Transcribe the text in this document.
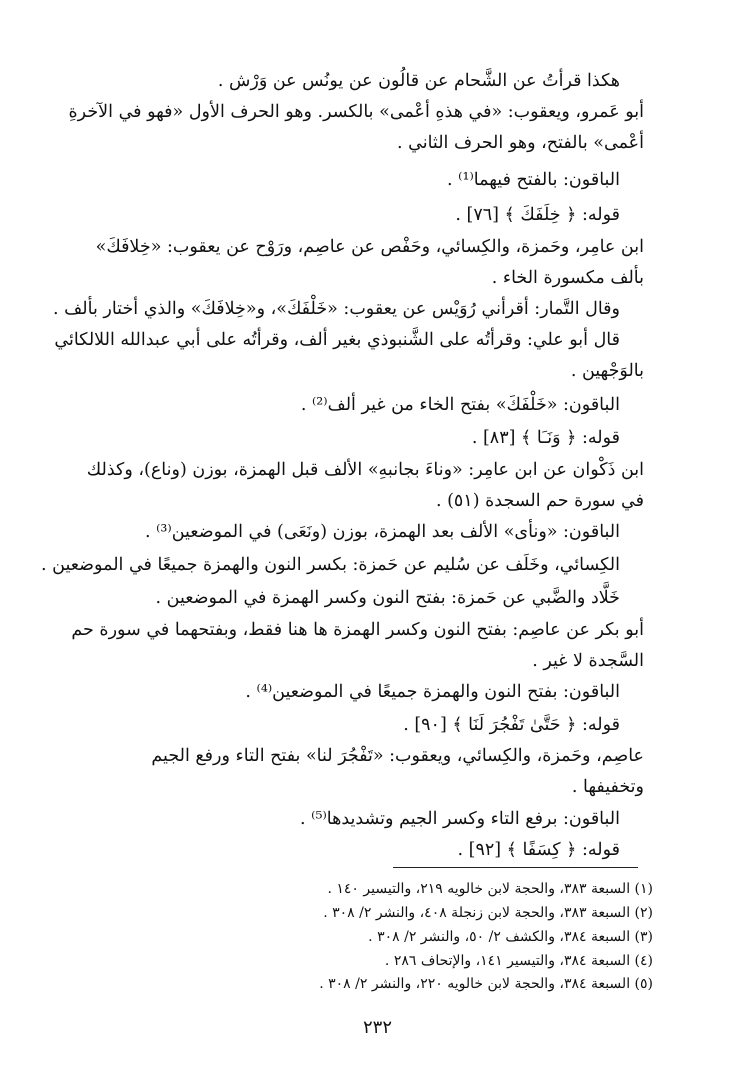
هكذا قرأتُ عن الشَّحام عن قالُون عن يونُس عن وَرْش .
أبو عَمرو، ويعقوب: «في هذهِ أعْمى» بالكسر. وهو الحرف الأول «فهو في الآخرةِ
أعْمى» بالفتح، وهو الحرف الثاني .
الباقون: بالفتح فيهما⁽¹⁾ .
قوله: ﴿ خِلَفَكَ ﴾ [٧٦] .
ابن عامِر، وحَمزة، والكِسائي، وحَفْص عن عاصِم، ورَوْح عن يعقوب: «خِلافَكَ»
بألف مكسورة الخاء .
وقال التَّمار: أقرأني رُوَيْس عن يعقوب: «خَلْفَكَ»، و«خِلافَكَ» والذي أختار بألف .
قال أبو علي: وقرأتُه على الشَّنبوذي بغير ألف، وقرأتُه على أبي عبدالله اللالكائي
بالوَجْهين .
الباقون: «خَلْفَكَ» بفتح الخاء من غير ألف⁽²⁾ .
قوله: ﴿ وَنَـَا ﴾ [٨٣] .
ابن ذَكْوان عن ابن عامِر: «وناءَ بجانبهِ» الألف قبل الهمزة، بوزن (وناع)، وكذلك
في سورة حم السجدة (٥١) .
الباقون: «ونأى» الألف بعد الهمزة، بوزن (ونَعَى) في الموضعين⁽³⁾ .
الكِسائي، وخَلَف عن سُليم عن حَمزة: بكسر النون والهمزة جميعًا في الموضعين .
خَلَّاد والضَّبي عن حَمزة: بفتح النون وكسر الهمزة في الموضعين .
أبو بكر عن عاصِم: بفتح النون وكسر الهمزة ها هنا فقط، وبفتحهما في سورة حم
السَّجدة لا غير .
الباقون: بفتح النون والهمزة جميعًا في الموضعين⁽⁴⁾ .
قوله: ﴿ حَتَّىٰ تَفْجُرَ لَنَا ﴾ [٩٠] .
عاصِم، وحَمزة، والكِسائي، ويعقوب: «تَفْجُرَ لنا» بفتح التاء ورفع الجيم
وتخفيفها .
الباقون: برفع التاء وكسر الجيم وتشديدها⁽⁵⁾ .
قوله: ﴿ كِسَفًا ﴾ [٩٢] .
(١) السبعة ٣٨٣، والحجة لابن خالويه ٢١٩، والتيسير ١٤٠ .
(٢) السبعة ٣٨٣، والحجة لابن زنجلة ٤٠٨، والنشر ٢/ ٣٠٨ .
(٣) السبعة ٣٨٤، والكشف ٢/ ٥٠، والنشر ٢/ ٣٠٨ .
(٤) السبعة ٣٨٤، والتيسير ١٤١، والإتحاف ٢٨٦ .
(٥) السبعة ٣٨٤، والحجة لابن خالويه ٢٢٠، والنشر ٢/ ٣٠٨ .
٢٣٢
